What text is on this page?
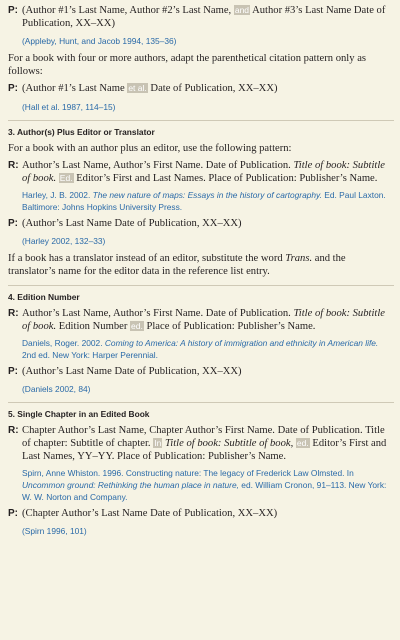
P: (Author #1’s Last Name, Author #2’s Last Name, and Author #3’s Last Name Date of Publication, XX–XX)
(Appleby, Hunt, and Jacob 1994, 135–36)
For a book with four or more authors, adapt the parenthetical citation pattern only as follows:
P: (Author #1’s Last Name et al. Date of Publication, XX–XX)
(Hall et al. 1987, 114–15)
3. Author(s) Plus Editor or Translator
For a book with an author plus an editor, use the following pattern:
R: Author’s Last Name, Author’s First Name. Date of Publication. Title of book: Subtitle of book. Ed. Editor’s First and Last Names. Place of Publication: Publisher’s Name.
Harley, J. B. 2002. The new nature of maps: Essays in the history of cartography. Ed. Paul Laxton. Baltimore: Johns Hopkins University Press.
P: (Author’s Last Name Date of Publication, XX–XX)
(Harley 2002, 132–33)
If a book has a translator instead of an editor, substitute the word Trans. and the translator’s name for the editor data in the reference list entry.
4. Edition Number
R: Author’s Last Name, Author’s First Name. Date of Publication. Title of book: Subtitle of book. Edition Number ed. Place of Publication: Publisher’s Name.
Daniels, Roger. 2002. Coming to America: A history of immigration and ethnicity in American life. 2nd ed. New York: Harper Perennial.
P: (Author’s Last Name Date of Publication, XX–XX)
(Daniels 2002, 84)
5. Single Chapter in an Edited Book
R: Chapter Author’s Last Name, Chapter Author’s First Name. Date of Publication. Title of chapter: Subtitle of chapter. In Title of book: Subtitle of book, ed. Editor’s First and Last Names, YY–YY. Place of Publication: Publisher’s Name.
Spirn, Anne Whiston. 1996. Constructing nature: The legacy of Frederick Law Olmsted. In Uncommon ground: Rethinking the human place in nature, ed. William Cronon, 91–113. New York: W. W. Norton and Company.
P: (Chapter Author’s Last Name Date of Publication, XX–XX)
(Spirn 1996, 101)
